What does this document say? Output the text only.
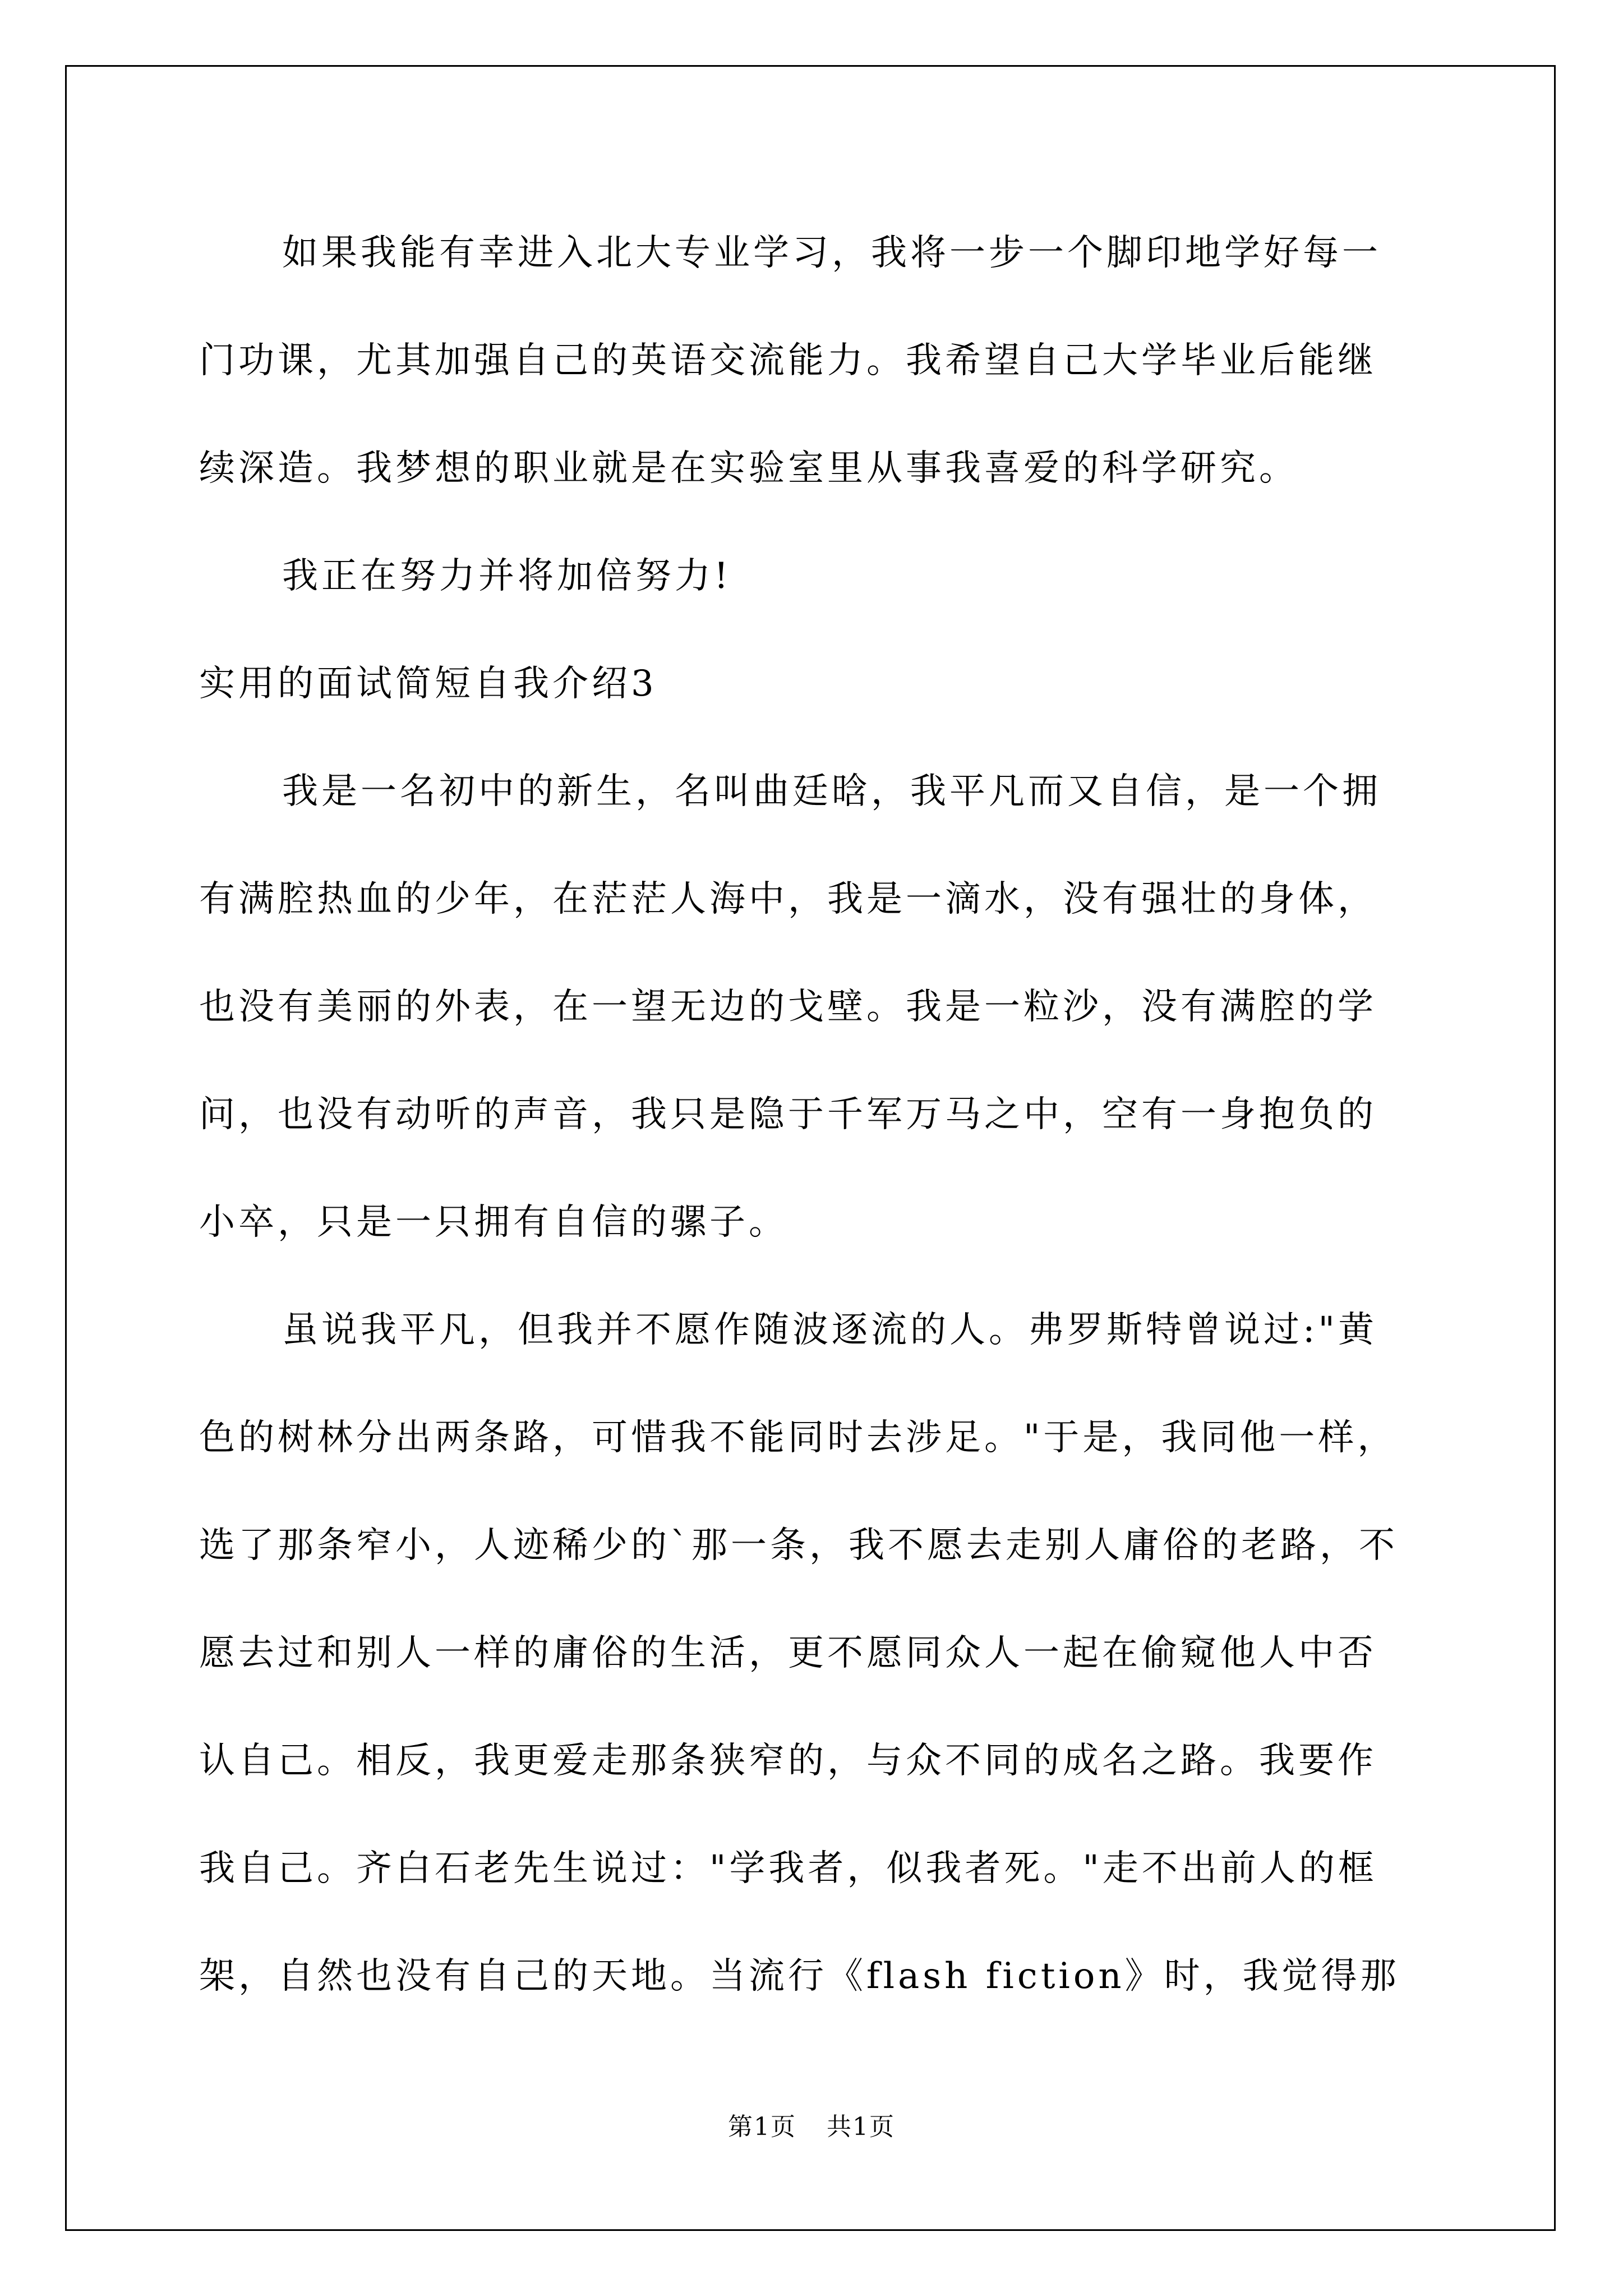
如果我能有幸进入北大专业学习，我将一步一个脚印地学好每一
门功课，尤其加强自己的英语交流能力。我希望自己大学毕业后能继
续深造。我梦想的职业就是在实验室里从事我喜爱的科学研究。
我正在努力并将加倍努力!
实用的面试简短自我介绍3
我是一名初中的新生，名叫曲廷晗，我平凡而又自信，是一个拥
有满腔热血的少年，在茫茫人海中，我是一滴水，没有强壮的身体，
也没有美丽的外表，在一望无边的戈壁。我是一粒沙，没有满腔的学
问，也没有动听的声音，我只是隐于千军万马之中，空有一身抱负的
小卒，只是一只拥有自信的骡子。
虽说我平凡，但我并不愿作随波逐流的人。弗罗斯特曾说过:"黄
色的树林分出两条路，可惜我不能同时去涉足。"于是，我同他一样，
选了那条窄小，人迹稀少的`那一条，我不愿去走别人庸俗的老路，不
愿去过和别人一样的庸俗的生活，更不愿同众人一起在偷窥他人中否
认自己。相反，我更爱走那条狭窄的，与众不同的成名之路。我要作
我自己。齐白石老先生说过："学我者，似我者死。"走不出前人的框
架，自然也没有自己的天地。当流行《flash fiction》时，我觉得那
第1页 共1页
